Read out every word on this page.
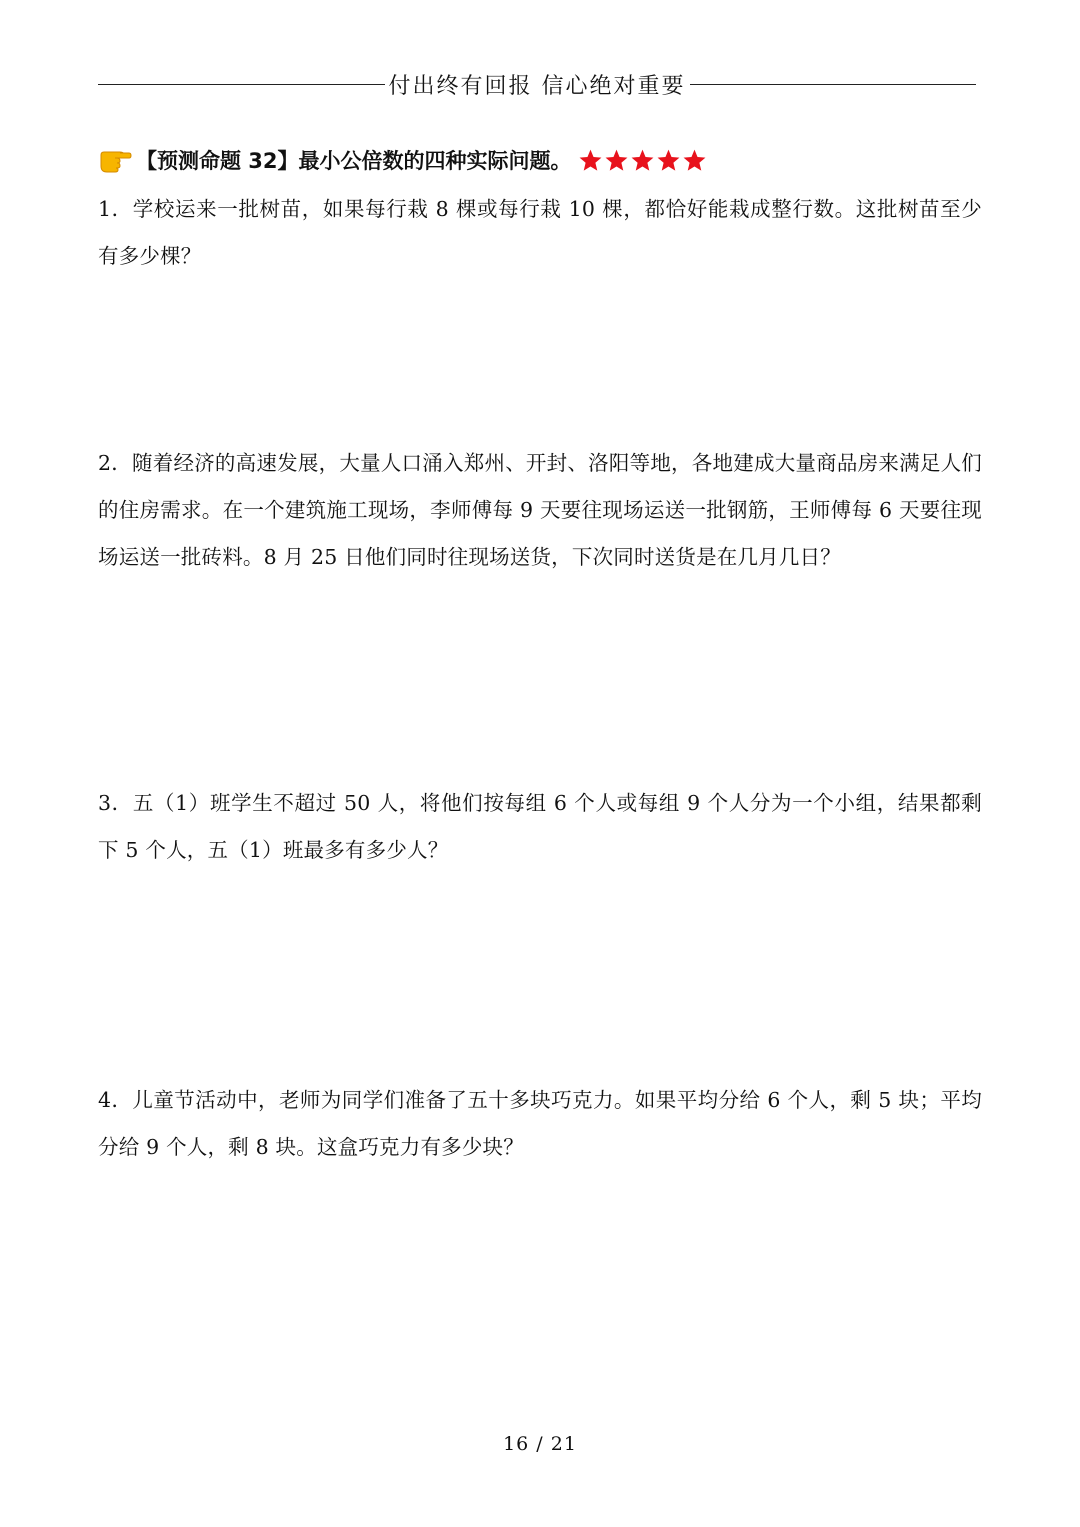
付出终有回报 信心绝对重要
【预测命题 32】最小公倍数的四种实际问题。
1．学校运来一批树苗，如果每行栽 8 棵或每行栽 10 棵，都恰好能栽成整行数。这批树苗至少有多少棵？
2．随着经济的高速发展，大量人口涌入郑州、开封、洛阳等地，各地建成大量商品房来满足人们的住房需求。在一个建筑施工现场，李师傅每 9 天要往现场运送一批钢筋，王师傅每 6 天要往现场运送一批砖料。8 月 25 日他们同时往现场送货，下次同时送货是在几月几日？
3．五（1）班学生不超过 50 人，将他们按每组 6 个人或每组 9 个人分为一个小组，结果都剩下 5 个人，五（1）班最多有多少人？
4．儿童节活动中，老师为同学们准备了五十多块巧克力。如果平均分给 6 个人，剩 5 块；平均分给 9 个人，剩 8 块。这盒巧克力有多少块？
16 / 21
